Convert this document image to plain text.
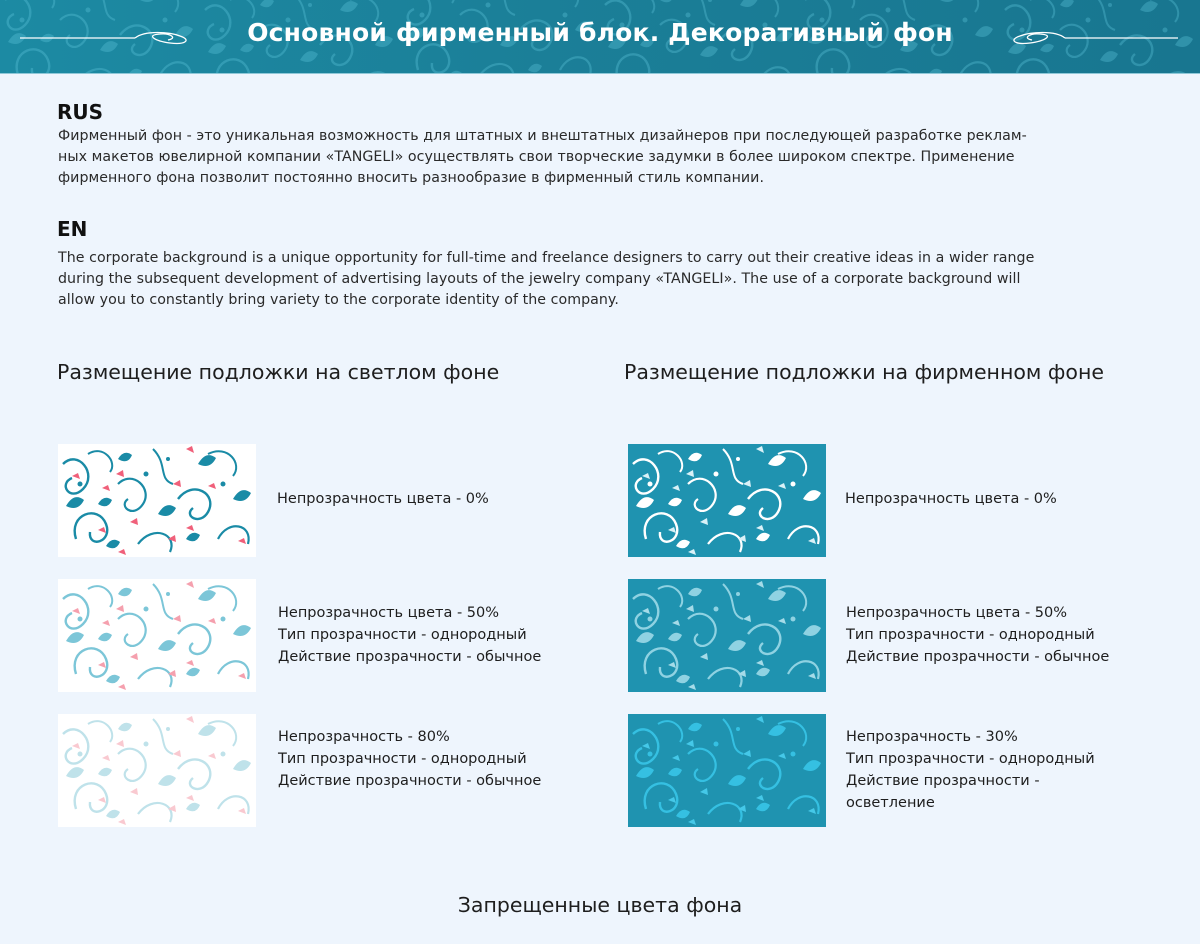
Основной фирменный блок. Декоративный фон
RUS
Фирменный фон - это уникальная возможность для штатных и внештатных дизайнеров при последующей разработке реклам-
ных макетов ювелирной компании «TANGELI» осуществлять свои творческие задумки в более широком спектре. Применение
фирменного фона позволит постоянно вносить разнообразие в фирменный стиль компании.
EN
The corporate background is a unique opportunity for full-time and freelance designers to carry out their creative ideas in a wider range
during the subsequent development of advertising layouts of the jewelry company «TANGELI». The use of a corporate background will
allow you to constantly bring variety to the corporate identity of the company.
Размещение подложки на светлом фоне	Размещение подложки на фирменном фоне
Непрозрачность цвета - 0%
Непрозрачность цвета - 50%
Тип прозрачности - однородный
Действие прозрачности - обычное
Непрозрачность - 80%
Тип прозрачности - однородный
Действие прозрачности - обычное
Непрозрачность цвета - 0%
Непрозрачность цвета - 50%
Тип прозрачности - однородный
Действие прозрачности - обычное
Непрозрачность - 30%
Тип прозрачности - однородный
Действие прозрачности -
осветление
Запрещенные цвета фона
